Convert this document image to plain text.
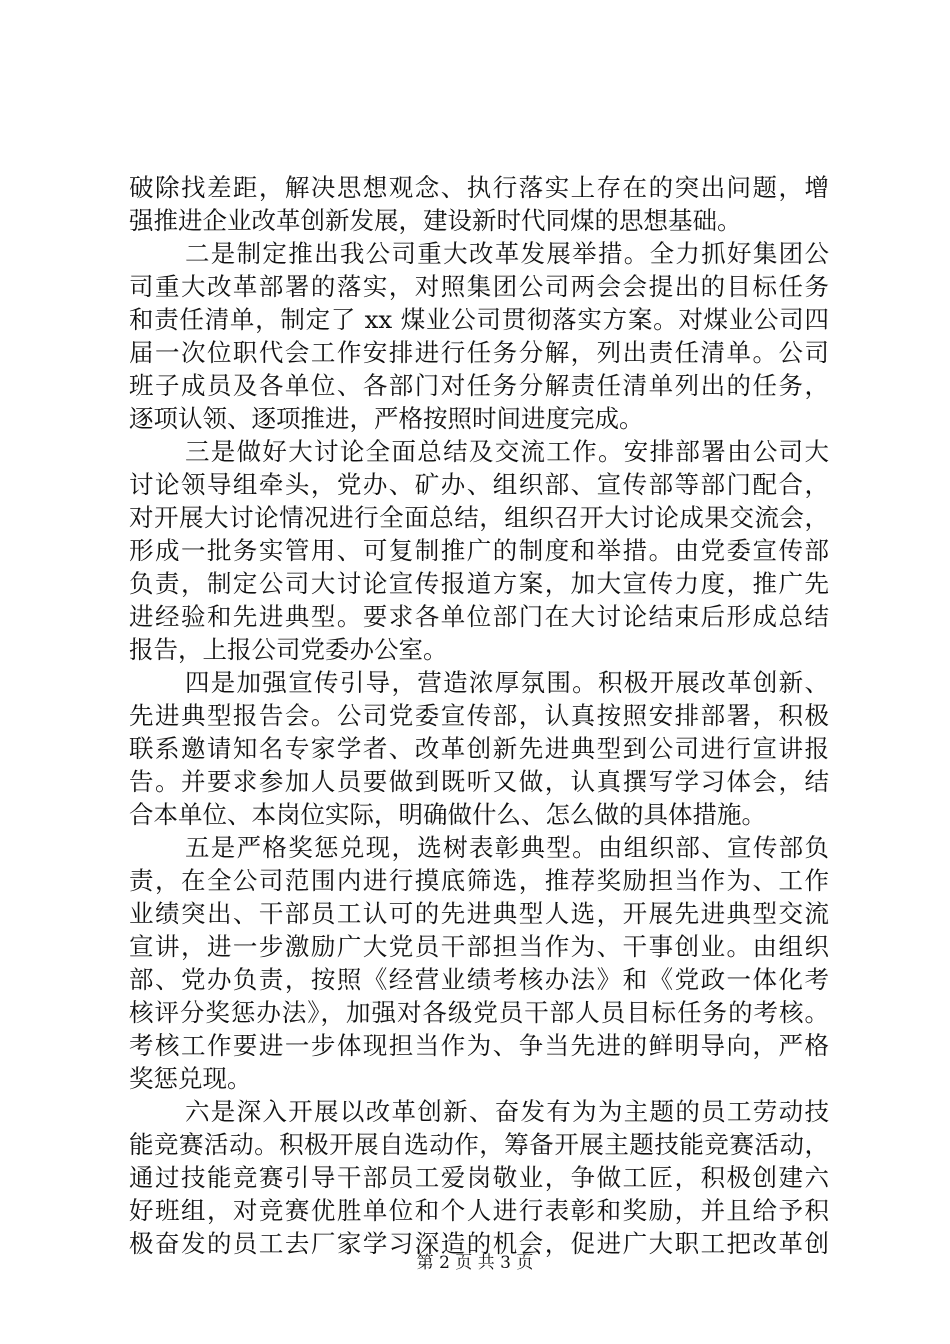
破除找差距，解决思想观念、执行落实上存在的突出问题，增
强推进企业改革创新发展，建设新时代同煤的思想基础。
二是制定推出我公司重大改革发展举措。全力抓好集团公
司重大改革部署的落实，对照集团公司两会会提出的目标任务
和责任清单，制定了 xx 煤业公司贯彻落实方案。对煤业公司四
届一次位职代会工作安排进行任务分解，列出责任清单。公司
班子成员及各单位、各部门对任务分解责任清单列出的任务，
逐项认领、逐项推进，严格按照时间进度完成。
三是做好大讨论全面总结及交流工作。安排部署由公司大
讨论领导组牵头，党办、矿办、组织部、宣传部等部门配合，
对开展大讨论情况进行全面总结，组织召开大讨论成果交流会，
形成一批务实管用、可复制推广的制度和举措。由党委宣传部
负责，制定公司大讨论宣传报道方案，加大宣传力度，推广先
进经验和先进典型。要求各单位部门在大讨论结束后形成总结
报告，上报公司党委办公室。
四是加强宣传引导，营造浓厚氛围。积极开展改革创新、
先进典型报告会。公司党委宣传部，认真按照安排部署，积极
联系邀请知名专家学者、改革创新先进典型到公司进行宣讲报
告。并要求参加人员要做到既听又做，认真撰写学习体会，结
合本单位、本岗位实际，明确做什么、怎么做的具体措施。
五是严格奖惩兑现，选树表彰典型。由组织部、宣传部负
责，在全公司范围内进行摸底筛选，推荐奖励担当作为、工作
业绩突出、干部员工认可的先进典型人选，开展先进典型交流
宣讲，进一步激励广大党员干部担当作为、干事创业。由组织
部、党办负责，按照《经营业绩考核办法》和《党政一体化考
核评分奖惩办法》，加强对各级党员干部人员目标任务的考核。
考核工作要进一步体现担当作为、争当先进的鲜明导向，严格
奖惩兑现。
六是深入开展以改革创新、奋发有为为主题的员工劳动技
能竞赛活动。积极开展自选动作，筹备开展主题技能竞赛活动，
通过技能竞赛引导干部员工爱岗敬业，争做工匠，积极创建六
好班组，对竞赛优胜单位和个人进行表彰和奖励，并且给予积
极奋发的员工去厂家学习深造的机会，促进广大职工把改革创
第 2 页 共 3 页
